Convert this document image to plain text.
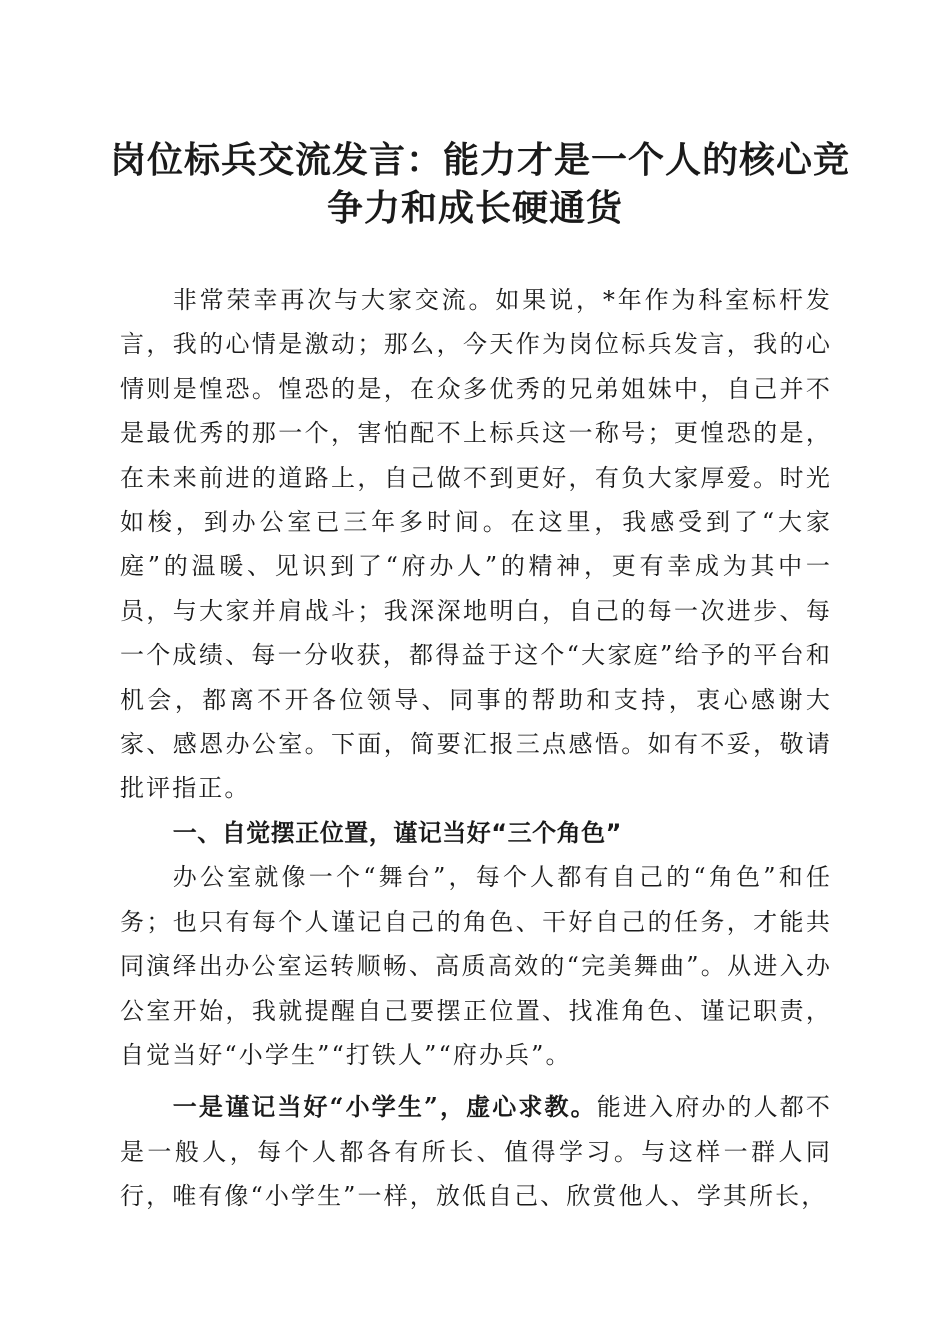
岗位标兵交流发言：能力才是一个人的核心竞
争力和成长硬通货

非常荣幸再次与大家交流。如果说，*年作为科室标杆发言，我的心情是激动；那么，今天作为岗位标兵发言，我的心情则是惶恐。惶恐的是，在众多优秀的兄弟姐妹中，自己并不是最优秀的那一个，害怕配不上标兵这一称号；更惶恐的是，在未来前进的道路上，自己做不到更好，有负大家厚爱。时光如梭，到办公室已三年多时间。在这里，我感受到了“大家庭”的温暖、见识到了“府办人”的精神，更有幸成为其中一员，与大家并肩战斗；我深深地明白，自己的每一次进步、每一个成绩、每一分收获，都得益于这个“大家庭”给予的平台和机会，都离不开各位领导、同事的帮助和支持，衷心感谢大家、感恩办公室。下面，简要汇报三点感悟。如有不妥，敬请批评指正。

一、自觉摆正位置，谨记当好“三个角色”

办公室就像一个“舞台”，每个人都有自己的“角色”和任务；也只有每个人谨记自己的角色、干好自己的任务，才能共同演绎出办公室运转顺畅、高质高效的“完美舞曲”。从进入办公室开始，我就提醒自己要摆正位置、找准角色、谨记职责，自觉当好“小学生”“打铁人”“府办兵”。

一是谨记当好“小学生”，虚心求教。能进入府办的人都不是一般人，每个人都各有所长、值得学习。与这样一群人同行，唯有像“小学生”一样，放低自己、欣赏他人、学其所长，
